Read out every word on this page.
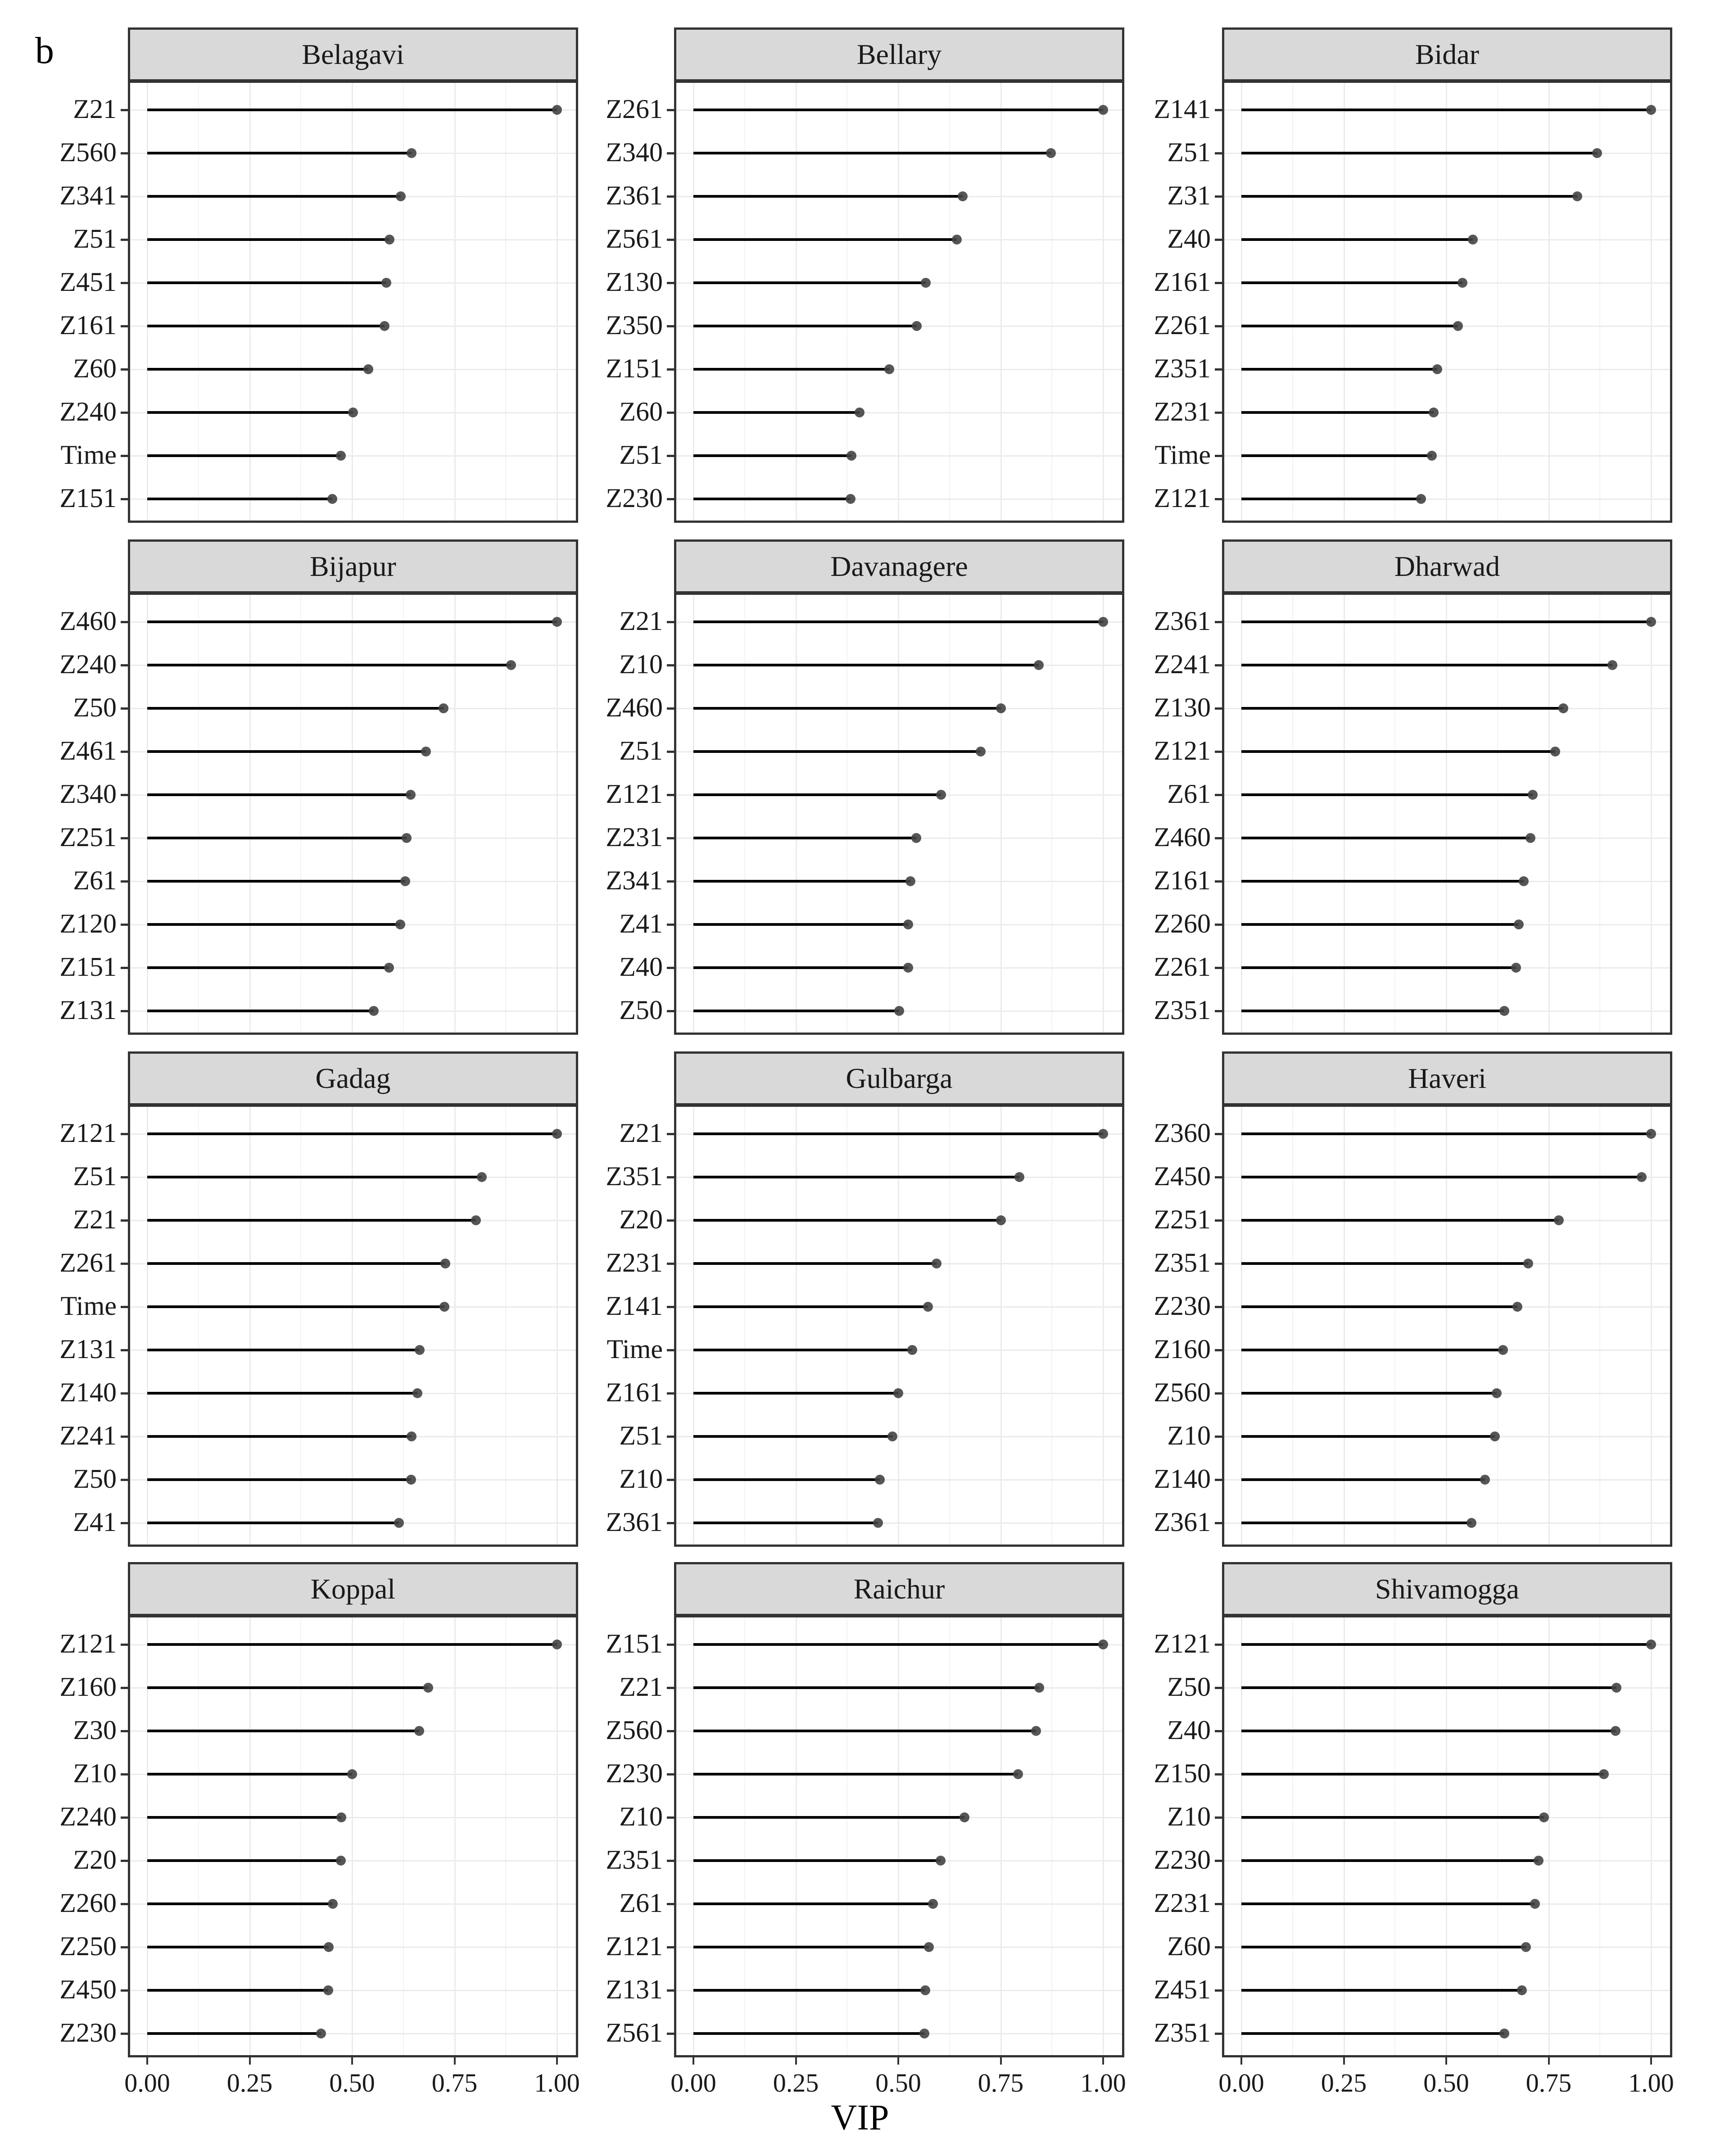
b	Belagavi
Z21
Z560
Z341
Z51
Z451
Z161
Z60
Z240
Time
Z151
Bellary
Z261
Z340
Z361
Z561
Z130
Z350
Z151
Z60
Z51
Z230
Bidar
Z141
Z51
Z31
Z40
Z161
Z261
Z351
Z231
Time
Z121
Bijapur
Z460
Z240
Z50
Z461
Z340
Z251
Z61
Z120
Z151
Z131
Davanagere
Z21
Z10
Z460
Z51
Z121
Z231
Z341
Z41
Z40
Z50
Dharwad
Z361
Z241
Z130
Z121
Z61
Z460
Z161
Z260
Z261
Z351
Gadag
Z121
Z51
Z21
Z261
Time
Z131
Z140
Z241
Z50
Z41
Gulbarga
Z21
Z351
Z20
Z231
Z141
Time
Z161
Z51
Z10
Z361
Haveri
Z360
Z450
Z251
Z351
Z230
Z160
Z560
Z10
Z140
Z361
Koppal
Z121
Z160
Z30
Z10
Z240
Z20
Z260
Z250
Z450
Z230
0.00	0.25	0.50	0.75	1.00
Raichur
Z151
Z21
Z560
Z230
Z10
Z351
Z61
Z121
Z131
Z561
0.00	0.25	0.50	0.75	1.00
Shivamogga
Z121
Z50
Z40
Z150
Z10
Z230
Z231
Z60
Z451
Z351
0.00	0.25	0.50	0.75	1.00
VIP
